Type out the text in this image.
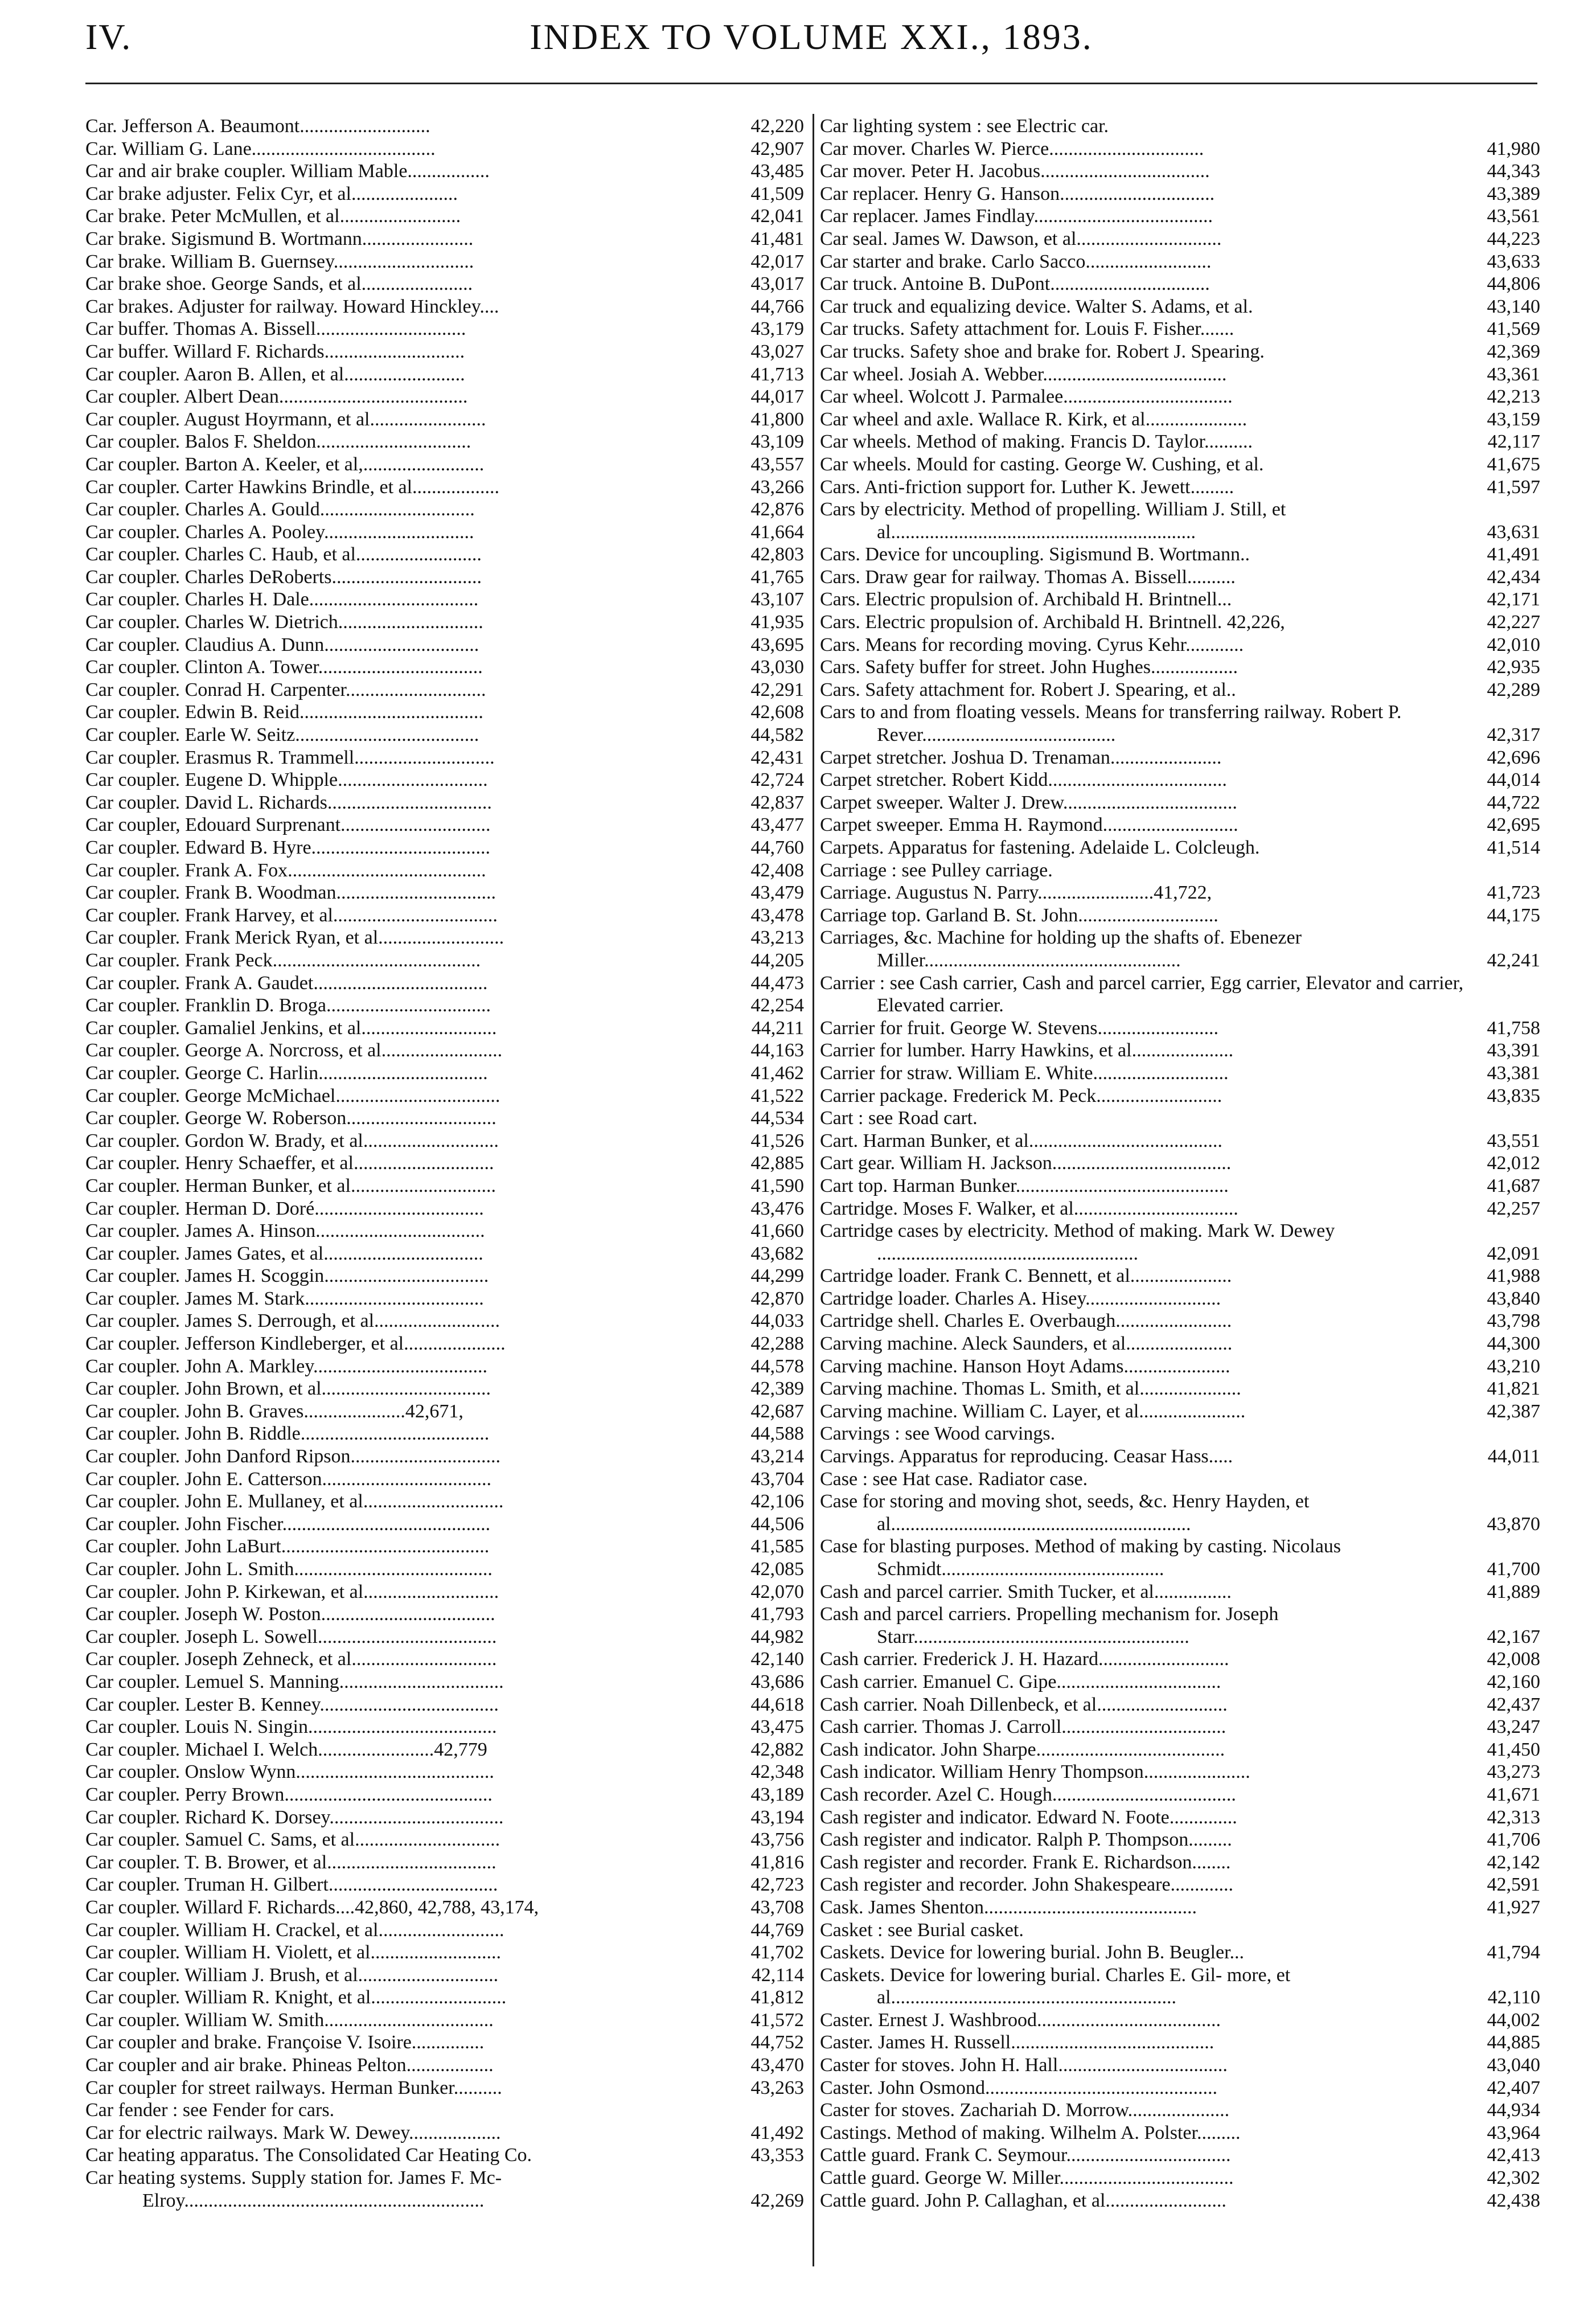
IV.	INDEX TO VOLUME XXI., 1893.
Car. Jefferson A. Beaumont...........................	42,220
Car. William G. Lane......................................	42,907
Car and air brake coupler. William Mable.................	43,485
Car brake adjuster. Felix Cyr, et al......................	41,509
Car brake. Peter McMullen, et al.........................	42,041
Car brake. Sigismund B. Wortmann.......................	41,481
Car brake. William B. Guernsey.............................	42,017
Car brake shoe. George Sands, et al.......................	43,017
Car brakes. Adjuster for railway. Howard Hinckley....	44,766
Car buffer. Thomas A. Bissell...............................	43,179
Car buffer. Willard F. Richards.............................	43,027
Car coupler. Aaron B. Allen, et al.........................	41,713
Car coupler. Albert Dean.......................................	44,017
Car coupler. August Hoyrmann, et al........................	41,800
Car coupler. Balos F. Sheldon................................	43,109
Car coupler. Barton A. Keeler, et al,.........................	43,557
Car coupler. Carter Hawkins Brindle, et al..................	43,266
Car coupler. Charles A. Gould................................	42,876
Car coupler. Charles A. Pooley...............................	41,664
Car coupler. Charles C. Haub, et al..........................	42,803
Car coupler. Charles DeRoberts...............................	41,765
Car coupler. Charles H. Dale...................................	43,107
Car coupler. Charles W. Dietrich..............................	41,935
Car coupler. Claudius A. Dunn................................	43,695
Car coupler. Clinton A. Tower..................................	43,030
Car coupler. Conrad H. Carpenter.............................	42,291
Car coupler. Edwin B. Reid......................................	42,608
Car coupler. Earle W. Seitz......................................	44,582
Car coupler. Erasmus R. Trammell.............................	42,431
Car coupler. Eugene D. Whipple...............................	42,724
Car coupler. David L. Richards..................................	42,837
Car coupler, Edouard Surprenant...............................	43,477
Car coupler. Edward B. Hyre.....................................	44,760
Car coupler. Frank A. Fox.........................................	42,408
Car coupler. Frank B. Woodman.................................	43,479
Car coupler. Frank Harvey, et al..................................	43,478
Car coupler. Frank Merick Ryan, et al..........................	43,213
Car coupler. Frank Peck...........................................	44,205
Car coupler. Frank A. Gaudet....................................	44,473
Car coupler. Franklin D. Broga..................................	42,254
Car coupler. Gamaliel Jenkins, et al............................	44,211
Car coupler. George A. Norcross, et al.........................	44,163
Car coupler. George C. Harlin...................................	41,462
Car coupler. George McMichael..................................	41,522
Car coupler. George W. Roberson...............................	44,534
Car coupler. Gordon W. Brady, et al............................	41,526
Car coupler. Henry Schaeffer, et al.............................	42,885
Car coupler. Herman Bunker, et al..............................	41,590
Car coupler. Herman D. Doré...................................	43,476
Car coupler. James A. Hinson...................................	41,660
Car coupler. James Gates, et al.................................	43,682
Car coupler. James H. Scoggin..................................	44,299
Car coupler. James M. Stark.....................................	42,870
Car coupler. James S. Derrough, et al..........................	44,033
Car coupler. Jefferson Kindleberger, et al.....................	42,288
Car coupler. John A. Markley....................................	44,578
Car coupler. John Brown, et al...................................	42,389
Car coupler. John B. Graves.....................42,671,	42,687
Car coupler. John B. Riddle.......................................	44,588
Car coupler. John Danford Ripson...............................	43,214
Car coupler. John E. Catterson...................................	43,704
Car coupler. John E. Mullaney, et al.............................	42,106
Car coupler. John Fischer...........................................	44,506
Car coupler. John LaBurt...........................................	41,585
Car coupler. John L. Smith.........................................	42,085
Car coupler. John P. Kirkewan, et al............................	42,070
Car coupler. Joseph W. Poston....................................	41,793
Car coupler. Joseph L. Sowell.....................................	44,982
Car coupler. Joseph Zehneck, et al..............................	42,140
Car coupler. Lemuel S. Manning..................................	43,686
Car coupler. Lester B. Kenney.....................................	44,618
Car coupler. Louis N. Singin.......................................	43,475
Car coupler. Michael I. Welch........................42,779	42,882
Car coupler. Onslow Wynn.........................................	42,348
Car coupler. Perry Brown...........................................	43,189
Car coupler. Richard K. Dorsey....................................	43,194
Car coupler. Samuel C. Sams, et al..............................	43,756
Car coupler. T. B. Brower, et al...................................	41,816
Car coupler. Truman H. Gilbert...................................	42,723
Car coupler. Willard F. Richards....42,860, 42,788, 43,174,	43,708
Car coupler. William H. Crackel, et al..........................	44,769
Car coupler. William H. Violett, et al...........................	41,702
Car coupler. William J. Brush, et al.............................	42,114
Car coupler. William R. Knight, et al............................	41,812
Car coupler. William W. Smith...................................	41,572
Car coupler and brake. Françoise V. Isoire...............	44,752
Car coupler and air brake. Phineas Pelton..................	43,470
Car coupler for street railways. Herman Bunker..........	43,263
Car fender : see Fender for cars.
Car for electric railways. Mark W. Dewey...................	41,492
Car heating apparatus. The Consolidated Car Heating Co.	43,353
Car heating systems. Supply station for. James F. Mc- Elroy..............................................................	42,269
Car lighting system : see Electric car.
Car mover. Charles W. Pierce................................	41,980
Car mover. Peter H. Jacobus...................................	44,343
Car replacer. Henry G. Hanson................................	43,389
Car replacer. James Findlay.....................................	43,561
Car seal. James W. Dawson, et al..............................	44,223
Car starter and brake. Carlo Sacco..........................	43,633
Car truck. Antoine B. DuPont.................................	44,806
Car truck and equalizing device. Walter S. Adams, et al.	43,140
Car trucks. Safety attachment for. Louis F. Fisher.......	41,569
Car trucks. Safety shoe and brake for. Robert J. Spearing.	42,369
Car wheel. Josiah A. Webber......................................	43,361
Car wheel. Wolcott J. Parmalee...................................	42,213
Car wheel and axle. Wallace R. Kirk, et al.....................	43,159
Car wheels. Method of making. Francis D. Taylor..........	42,117
Car wheels. Mould for casting. George W. Cushing, et al.	41,675
Cars. Anti-friction support for. Luther K. Jewett.........	41,597
Cars by electricity. Method of propelling. William J. Still, et al...............................................................	43,631
Cars. Device for uncoupling. Sigismund B. Wortmann..	41,491
Cars. Draw gear for railway. Thomas A. Bissell..........	42,434
Cars. Electric propulsion of. Archibald H. Brintnell...	42,171
Cars. Electric propulsion of. Archibald H. Brintnell. 42,226,	42,227
Cars. Means for recording moving. Cyrus Kehr............	42,010
Cars. Safety buffer for street. John Hughes..................	42,935
Cars. Safety attachment for. Robert J. Spearing, et al..	42,289
Cars to and from floating vessels. Means for transferring railway. Robert P. Rever........................................	42,317
Carpet stretcher. Joshua D. Trenaman.......................	42,696
Carpet stretcher. Robert Kidd.....................................	44,014
Carpet sweeper. Walter J. Drew....................................	44,722
Carpet sweeper. Emma H. Raymond............................	42,695
Carpets. Apparatus for fastening. Adelaide L. Colcleugh.	41,514
Carriage : see Pulley carriage.
Carriage. Augustus N. Parry........................41,722,	41,723
Carriage top. Garland B. St. John.............................	44,175
Carriages, &c. Machine for holding up the shafts of. Ebenezer Miller.....................................................	42,241
Carrier : see Cash carrier, Cash and parcel carrier, Egg carrier, Elevator and carrier, Elevated carrier.
Carrier for fruit. George W. Stevens.........................	41,758
Carrier for lumber. Harry Hawkins, et al.....................	43,391
Carrier for straw. William E. White............................	43,381
Carrier package. Frederick M. Peck..........................	43,835
Cart : see Road cart.
Cart. Harman Bunker, et al........................................	43,551
Cart gear. William H. Jackson.....................................	42,012
Cart top. Harman Bunker............................................	41,687
Cartridge. Moses F. Walker, et al..................................	42,257
Cartridge cases by electricity. Method of making. Mark W. Dewey ......................................................	42,091
Cartridge loader. Frank C. Bennett, et al.....................	41,988
Cartridge loader. Charles A. Hisey............................	43,840
Cartridge shell. Charles E. Overbaugh........................	43,798
Carving machine. Aleck Saunders, et al......................	44,300
Carving machine. Hanson Hoyt Adams......................	43,210
Carving machine. Thomas L. Smith, et al.....................	41,821
Carving machine. William C. Layer, et al......................	42,387
Carvings : see Wood carvings.
Carvings. Apparatus for reproducing. Ceasar Hass.....	44,011
Case : see Hat case. Radiator case.
Case for storing and moving shot, seeds, &c. Henry Hayden, et al..............................................................	43,870
Case for blasting purposes. Method of making by casting. Nicolaus Schmidt..............................................	41,700
Cash and parcel carrier. Smith Tucker, et al................	41,889
Cash and parcel carriers. Propelling mechanism for. Joseph Starr.........................................................	42,167
Cash carrier. Frederick J. H. Hazard...........................	42,008
Cash carrier. Emanuel C. Gipe..................................	42,160
Cash carrier. Noah Dillenbeck, et al...........................	42,437
Cash carrier. Thomas J. Carroll..................................	43,247
Cash indicator. John Sharpe.......................................	41,450
Cash indicator. William Henry Thompson......................	43,273
Cash recorder. Azel C. Hough......................................	41,671
Cash register and indicator. Edward N. Foote..............	42,313
Cash register and indicator. Ralph P. Thompson.........	41,706
Cash register and recorder. Frank E. Richardson........	42,142
Cash register and recorder. John Shakespeare.............	42,591
Cask. James Shenton............................................	41,927
Casket : see Burial casket.
Caskets. Device for lowering burial. John B. Beugler...	41,794
Caskets. Device for lowering burial. Charles E. Gil- more, et al...........................................................	42,110
Caster. Ernest J. Washbrood......................................	44,002
Caster. James H. Russell..........................................	44,885
Caster for stoves. John H. Hall...................................	43,040
Caster. John Osmond................................................	42,407
Caster for stoves. Zachariah D. Morrow.....................	44,934
Castings. Method of making. Wilhelm A. Polster.........	43,964
Cattle guard. Frank C. Seymour..................................	42,413
Cattle guard. George W. Miller....................................	42,302
Cattle guard. John P. Callaghan, et al.........................	42,438
